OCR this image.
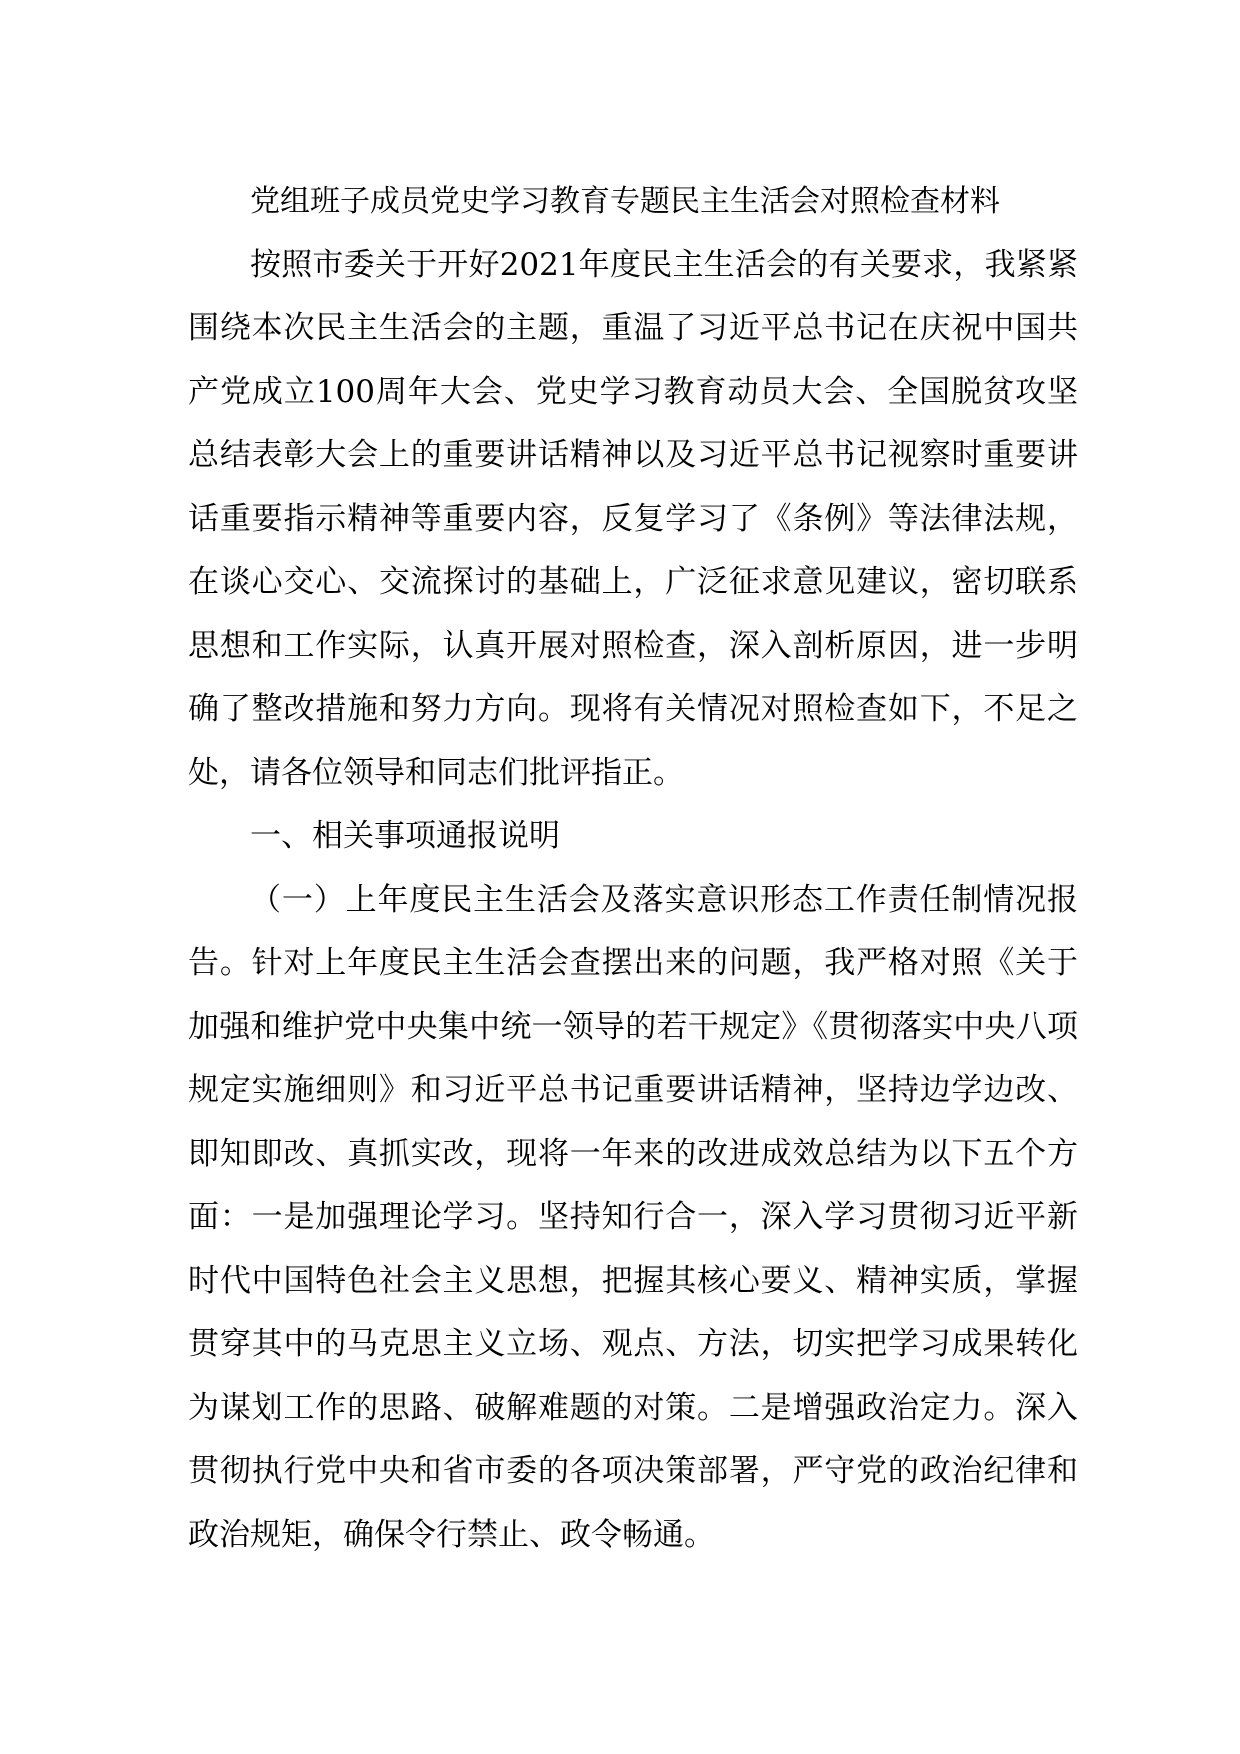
党组班子成员党史学习教育专题民主生活会对照检查材料

按照市委关于开好2021年度民主生活会的有关要求，我紧紧围绕本次民主生活会的主题，重温了习近平总书记在庆祝中国共产党成立100周年大会、党史学习教育动员大会、全国脱贫攻坚总结表彰大会上的重要讲话精神以及习近平总书记视察时重要讲话重要指示精神等重要内容，反复学习了《条例》等法律法规，在谈心交心、交流探讨的基础上，广泛征求意见建议，密切联系思想和工作实际，认真开展对照检查，深入剖析原因，进一步明确了整改措施和努力方向。现将有关情况对照检查如下，不足之处，请各位领导和同志们批评指正。

一、相关事项通报说明

（一）上年度民主生活会及落实意识形态工作责任制情况报告。针对上年度民主生活会查摆出来的问题，我严格对照《关于加强和维护党中央集中统一领导的若干规定》《贯彻落实中央八项规定实施细则》和习近平总书记重要讲话精神，坚持边学边改、即知即改、真抓实改，现将一年来的改进成效总结为以下五个方面：一是加强理论学习。坚持知行合一，深入学习贯彻习近平新时代中国特色社会主义思想，把握其核心要义、精神实质，掌握贯穿其中的马克思主义立场、观点、方法，切实把学习成果转化为谋划工作的思路、破解难题的对策。二是增强政治定力。深入贯彻执行党中央和省市委的各项决策部署，严守党的政治纪律和政治规矩，确保令行禁止、政令畅通。
